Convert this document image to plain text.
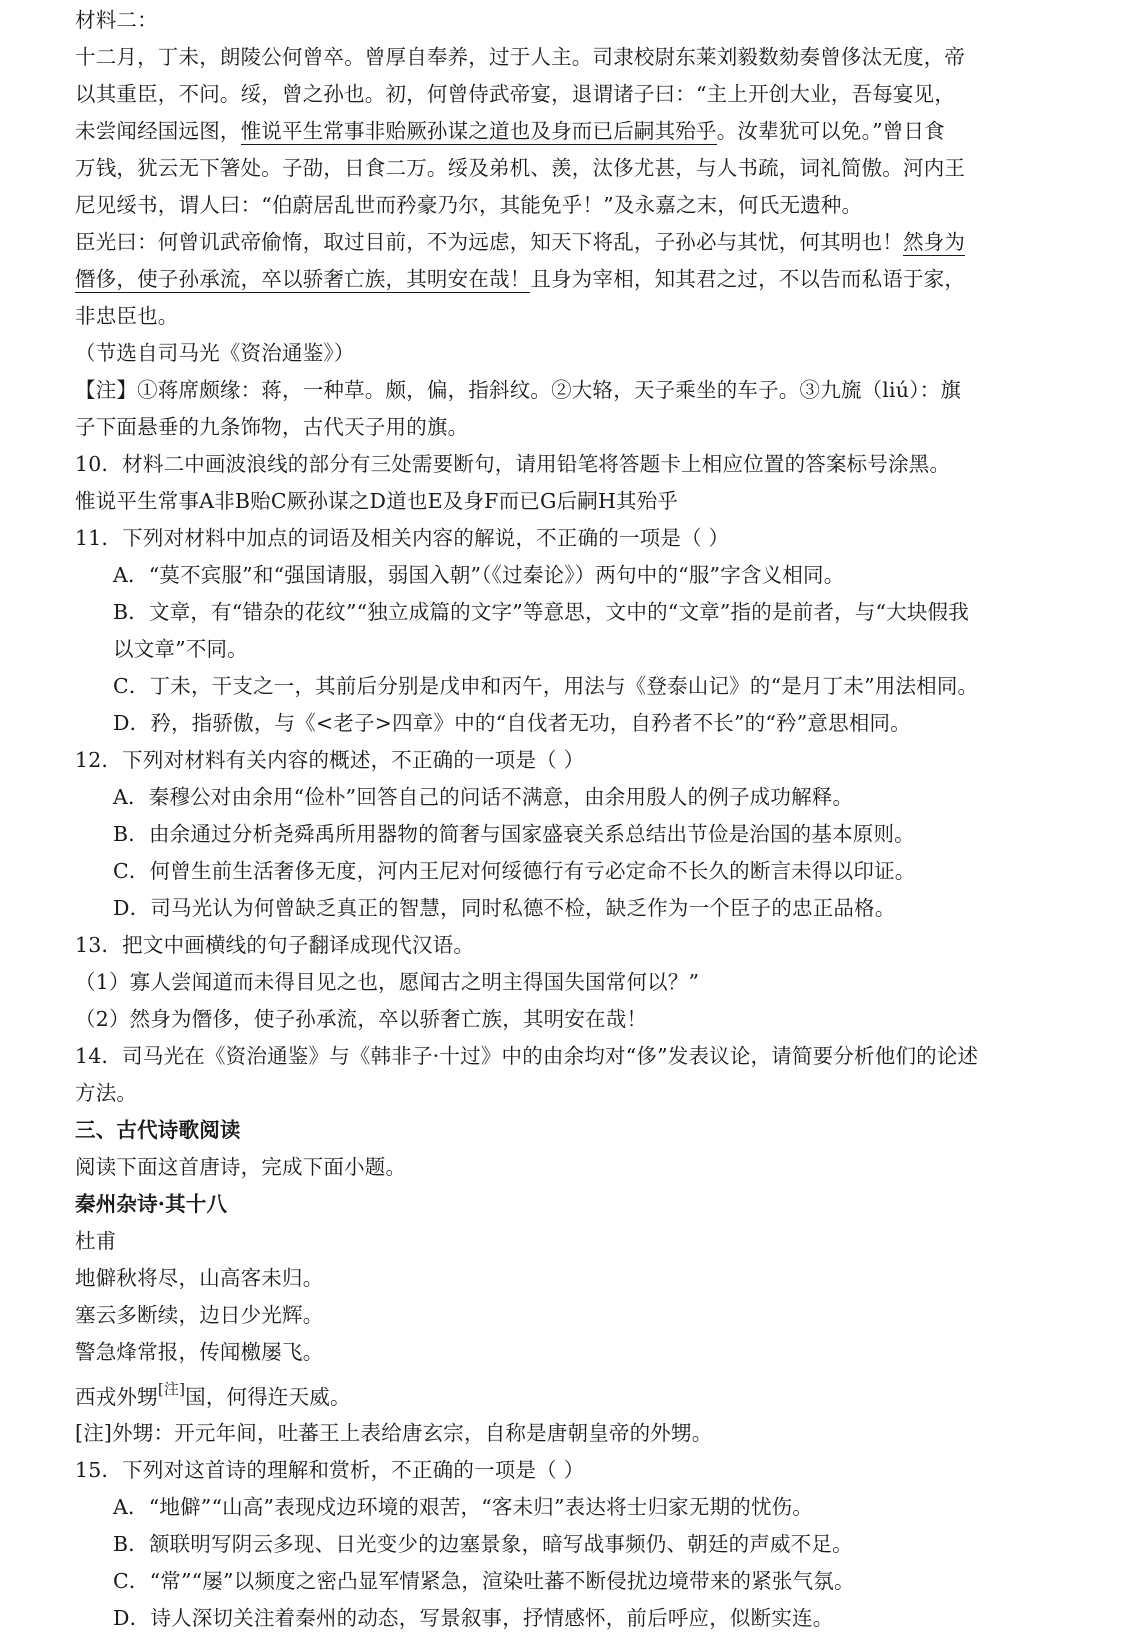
材料二：
十二月，丁未，朗陵公何曾卒。曾厚自奉养，过于人主。司隶校尉东莱刘毅数劾奏曾侈汰无度，帝
以其重臣，不问。绥，曾之孙也。初，何曾侍武帝宴，退谓诸子曰：“主上开创大业，吾每宴见，
未尝闻经国远图，惟说平生常事非贻厥孙谋之道也及身而已后嗣其殆乎。汝辈犹可以免。”曾日食
万钱，犹云无下箸处。子劭，日食二万。绥及弟机、羡，汰侈尤甚，与人书疏，词礼简傲。河内王
尼见绥书，谓人曰：“伯蔚居乱世而矜豪乃尔，其能免乎！”及永嘉之末，何氏无遗种。
臣光曰：何曾讥武帝偷惰，取过目前，不为远虑，知天下将乱，子孙必与其忧，何其明也！然身为
僭侈，使子孙承流，卒以骄奢亡族，其明安在哉！且身为宰相，知其君之过，不以告而私语于家，
非忠臣也。
（节选自司马光《资治通鉴》）
【注】①蒋席颇缘：蒋，一种草。颇，偏，指斜纹。②大辂，天子乘坐的车子。③九旒（liú）：旗
子下面悬垂的九条饰物，古代天子用的旗。
10．材料二中画波浪线的部分有三处需要断句，请用铅笔将答题卡上相应位置的答案标号涂黑。
惟说平生常事A非B贻C厥孙谋之D道也E及身F而已G后嗣H其殆乎
11．下列对材料中加点的词语及相关内容的解说，不正确的一项是（ ）
A．“莫不宾服”和“强国请服，弱国入朝”（《过秦论》）两句中的“服”字含义相同。
B．文章，有“错杂的花纹”“独立成篇的文字”等意思，文中的“文章”指的是前者，与“大块假我
以文章”不同。
C．丁未，干支之一，其前后分别是戊申和丙午，用法与《登泰山记》的“是月丁未”用法相同。
D．矜，指骄傲，与《<老子>四章》中的“自伐者无功，自矜者不长”的“矜”意思相同。
12．下列对材料有关内容的概述，不正确的一项是（ ）
A．秦穆公对由余用“俭朴”回答自己的问话不满意，由余用殷人的例子成功解释。
B．由余通过分析尧舜禹所用器物的简奢与国家盛衰关系总结出节俭是治国的基本原则。
C．何曾生前生活奢侈无度，河内王尼对何绥德行有亏必定命不长久的断言未得以印证。
D．司马光认为何曾缺乏真正的智慧，同时私德不检，缺乏作为一个臣子的忠正品格。
13．把文中画横线的句子翻译成现代汉语。
（1）寡人尝闻道而未得目见之也，愿闻古之明主得国失国常何以？”
（2）然身为僭侈，使子孙承流，卒以骄奢亡族，其明安在哉！
14．司马光在《资治通鉴》与《韩非子·十过》中的由余均对“侈”发表议论，请简要分析他们的论述
方法。
三、古代诗歌阅读
阅读下面这首唐诗，完成下面小题。
秦州杂诗·其十八
杜甫
地僻秋将尽，山高客未归。
塞云多断续，边日少光辉。
警急烽常报，传闻檄屡飞。
西戎外甥[注]国，何得迕天威。
[注]外甥：开元年间，吐蕃王上表给唐玄宗，自称是唐朝皇帝的外甥。
15．下列对这首诗的理解和赏析，不正确的一项是（ ）
A．“地僻”“山高”表现戍边环境的艰苦，“客未归”表达将士归家无期的忧伤。
B．颔联明写阴云多现、日光变少的边塞景象，暗写战事频仍、朝廷的声威不足。
C．“常”“屡”以频度之密凸显军情紧急，渲染吐蕃不断侵扰边境带来的紧张气氛。
D．诗人深切关注着秦州的动态，写景叙事，抒情感怀，前后呼应，似断实连。
